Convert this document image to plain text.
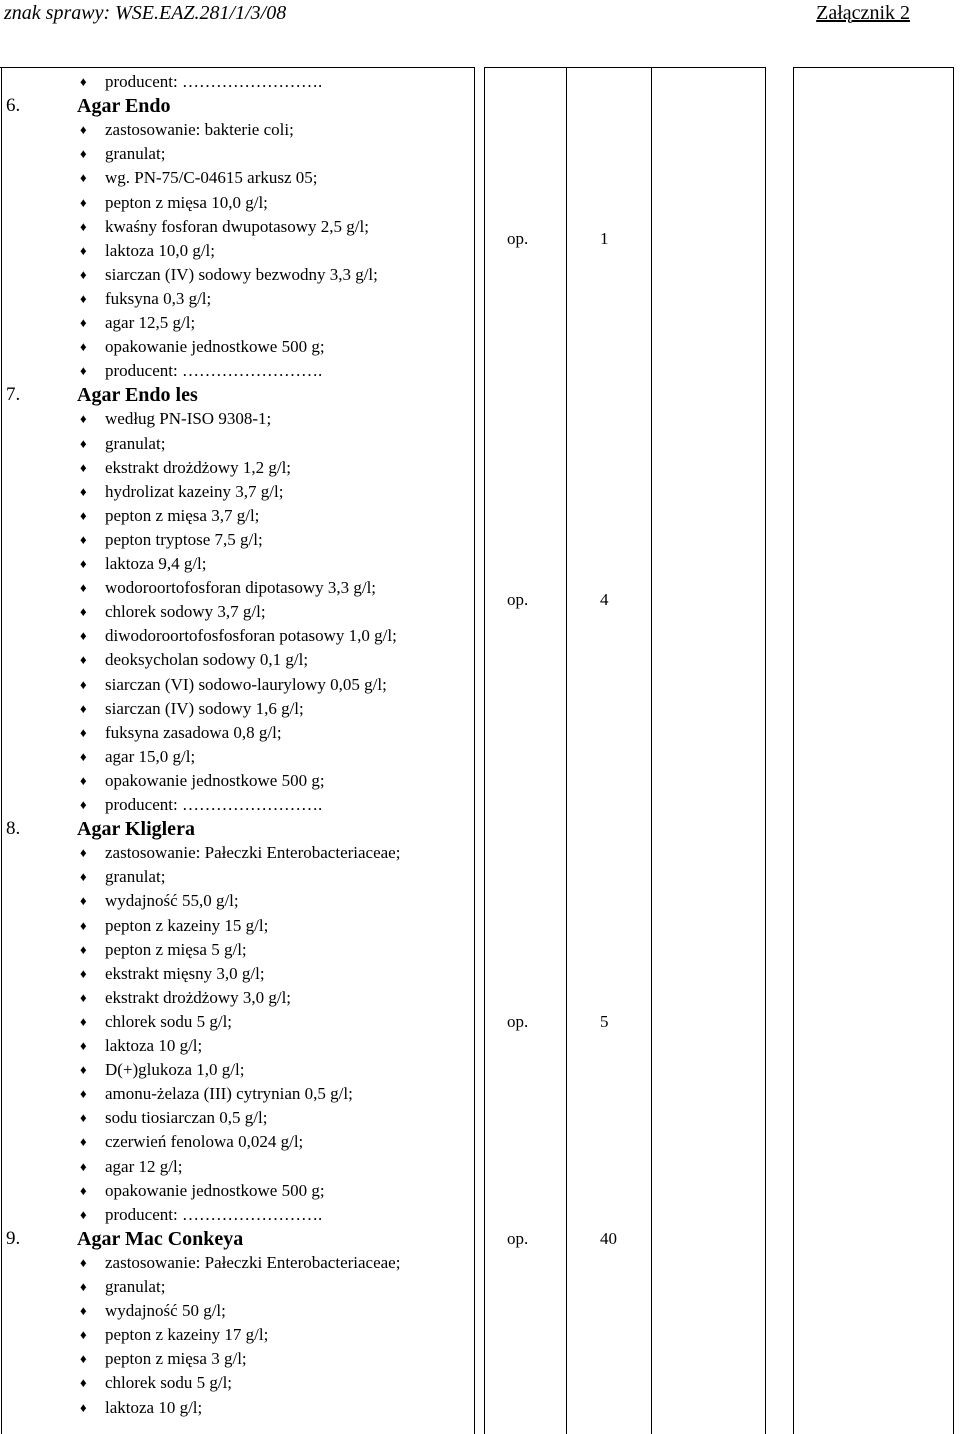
znak sprawy: WSE.EAZ.281/1/3/08	Załącznik 2
♦ producent: …………………….
6.	Agar Endo
♦ zastosowanie: bakterie coli;
♦ granulat;
♦ wg. PN-75/C-04615 arkusz 05;
♦ pepton z mięsa 10,0 g/l;
♦ kwaśny fosforan dwupotasowy 2,5 g/l;
♦ laktoza 10,0 g/l;
♦ siarczan (IV) sodowy bezwodny 3,3 g/l;
♦ fuksyna 0,3 g/l;
♦ agar 12,5 g/l;
♦ opakowanie jednostkowe 500 g;
♦ producent: …………………….
op.	1
7.	Agar Endo les
♦ według PN-ISO 9308-1;
♦ granulat;
♦ ekstrakt drożdżowy 1,2 g/l;
♦ hydrolizat kazeiny 3,7 g/l;
♦ pepton z mięsa 3,7 g/l;
♦ pepton tryptose 7,5 g/l;
♦ laktoza 9,4 g/l;
♦ wodoroortofosforan dipotasowy 3,3 g/l;
♦ chlorek sodowy 3,7 g/l;
♦ diwodoroortofosfosforan potasowy 1,0 g/l;
♦ deoksycholan sodowy 0,1 g/l;
♦ siarczan (VI) sodowo-laurylowy 0,05 g/l;
♦ siarczan (IV) sodowy 1,6 g/l;
♦ fuksyna zasadowa 0,8 g/l;
♦ agar 15,0 g/l;
♦ opakowanie jednostkowe 500 g;
♦ producent: …………………….
op.	4
8.	Agar Kliglera
♦ zastosowanie: Pałeczki Enterobacteriaceae;
♦ granulat;
♦ wydajność 55,0 g/l;
♦ pepton z kazeiny 15 g/l;
♦ pepton z mięsa 5 g/l;
♦ ekstrakt mięsny 3,0 g/l;
♦ ekstrakt drożdżowy 3,0 g/l;
♦ chlorek sodu 5 g/l;
♦ laktoza 10 g/l;
♦ D(+)glukoza 1,0 g/l;
♦ amonu-żelaza (III) cytrynian 0,5 g/l;
♦ sodu tiosiarczan 0,5 g/l;
♦ czerwień fenolowa 0,024 g/l;
♦ agar 12 g/l;
♦ opakowanie jednostkowe 500 g;
♦ producent: …………………….
op.	5
9.	Agar Mac Conkeya
♦ zastosowanie: Pałeczki Enterobacteriaceae;
♦ granulat;
♦ wydajność 50 g/l;
♦ pepton z kazeiny 17 g/l;
♦ pepton z mięsa 3 g/l;
♦ chlorek sodu 5 g/l;
♦ laktoza 10 g/l;
op.	40
